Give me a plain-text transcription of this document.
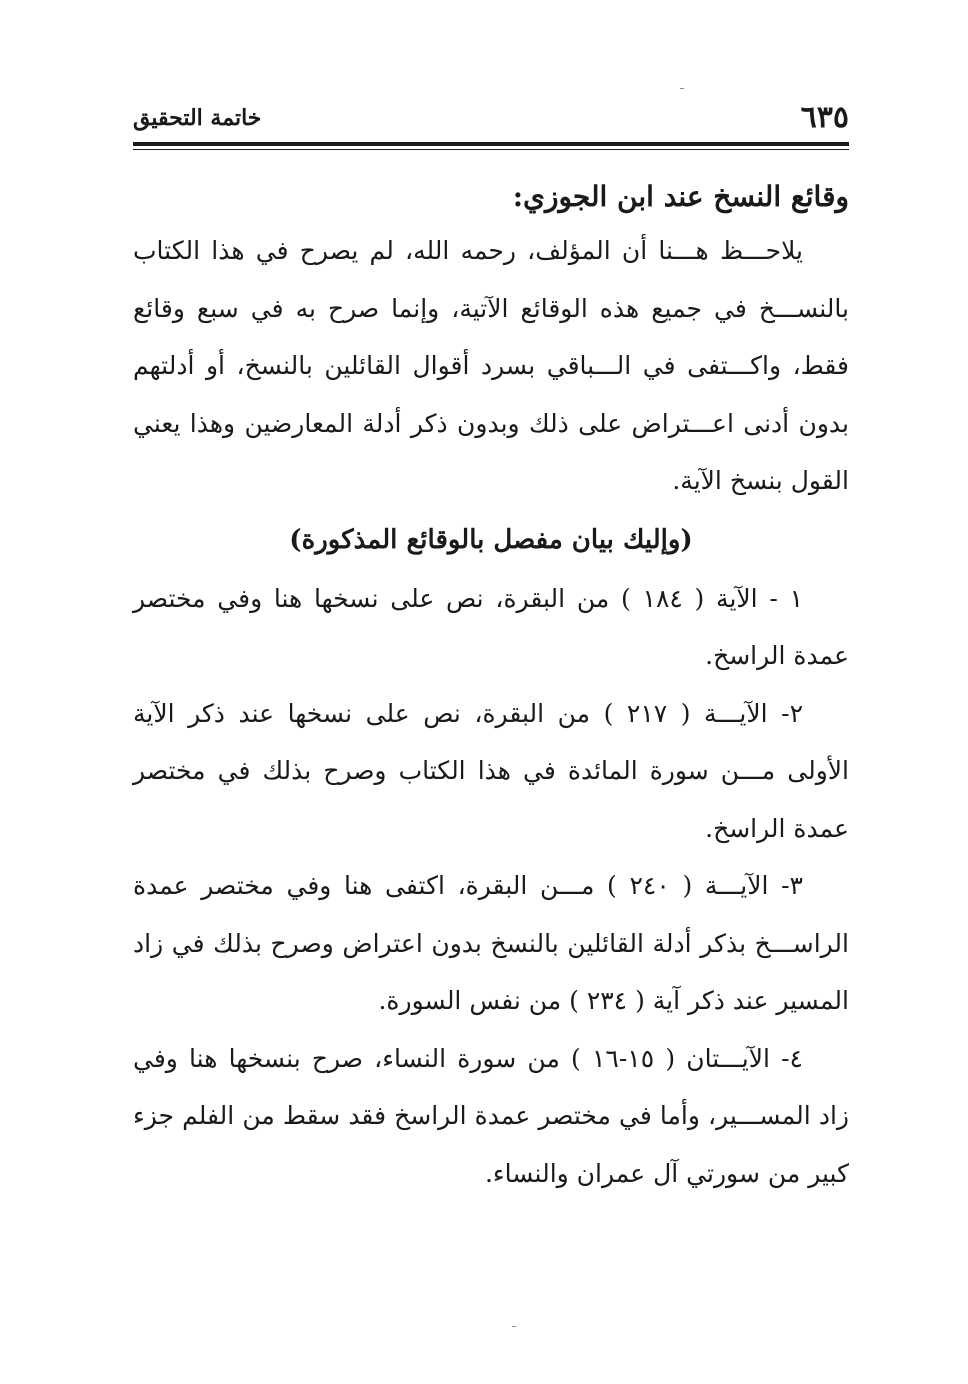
٦٣٥
خاتمة التحقيق
وقائع النسخ عند ابن الجوزي:

يلاحـــظ هـــنا أن المؤلف، رحمه الله، لم يصرح في هذا الكتاب بالنســـخ في جميع هذه الوقائع الآتية، وإنما صرح به في سبع وقائع فقط، واكـــتفى في الـــباقي بسرد أقوال القائلين بالنسخ، أو أدلتهم بدون أدنى اعـــتراض على ذلك وبدون ذكر أدلة المعارضين وهذا يعني القول بنسخ الآية.

(وإليك بيان مفصل بالوقائع المذكورة)

١ - الآية ( ١٨٤ ) من البقرة، نص على نسخها هنا وفي مختصر عمدة الراسخ.

٢- الآيـــة ( ٢١٧ ) من البقرة، نص على نسخها عند ذكر الآية الأولى مـــن سورة المائدة في هذا الكتاب وصرح بذلك في مختصر عمدة الراسخ.

٣- الآيـــة ( ٢٤٠ ) مـــن البقرة، اكتفى هنا وفي مختصر عمدة الراســـخ بذكر أدلة القائلين بالنسخ بدون اعتراض وصرح بذلك في زاد المسير عند ذكر آية ( ٢٣٤ ) من نفس السورة.

٤- الآيـــتان ( ١٥-١٦ ) من سورة النساء، صرح بنسخها هنا وفي زاد المســـير، وأما في مختصر عمدة الراسخ فقد سقط من الفلم جزء كبير من سورتي آل عمران والنساء.
